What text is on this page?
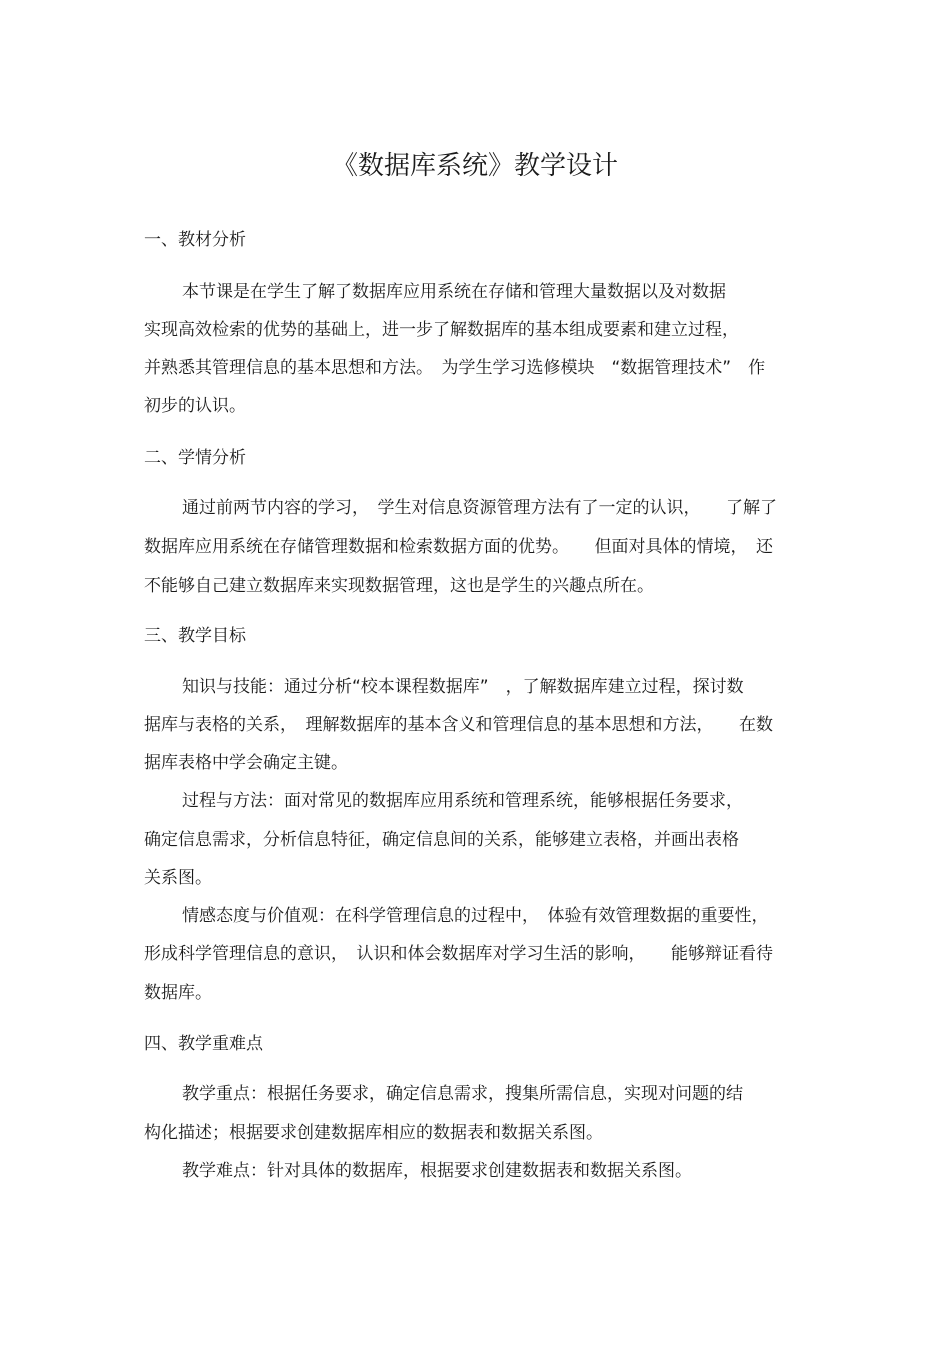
《数据库系统》教学设计
一、教材分析
本节课是在学生了解了数据库应用系统在存储和管理大量数据以及对数据
实现高效检索的优势的基础上，进一步了解数据库的基本组成要素和建立过程，
并熟悉其管理信息的基本思想和方法。　为学生学习选修模块　“数据管理技术”　作
初步的认识。
二、学情分析
通过前两节内容的学习，　学生对信息资源管理方法有了一定的认识，　　了解了
数据库应用系统在存储管理数据和检索数据方面的优势。　　但面对具体的情境，　还
不能够自己建立数据库来实现数据管理，这也是学生的兴趣点所在。
三、教学目标
知识与技能：通过分析“校本课程数据库”　，了解数据库建立过程，探讨数
据库与表格的关系，　理解数据库的基本含义和管理信息的基本思想和方法，　　在数
据库表格中学会确定主键。
过程与方法：面对常见的数据库应用系统和管理系统，能够根据任务要求，
确定信息需求，分析信息特征，确定信息间的关系，能够建立表格，并画出表格
关系图。
情感态度与价值观：在科学管理信息的过程中，　体验有效管理数据的重要性，
形成科学管理信息的意识，　认识和体会数据库对学习生活的影响，　　能够辩证看待
数据库。
四、教学重难点
教学重点：根据任务要求，确定信息需求，搜集所需信息，实现对问题的结
构化描述；根据要求创建数据库相应的数据表和数据关系图。
教学难点：针对具体的数据库，根据要求创建数据表和数据关系图。
